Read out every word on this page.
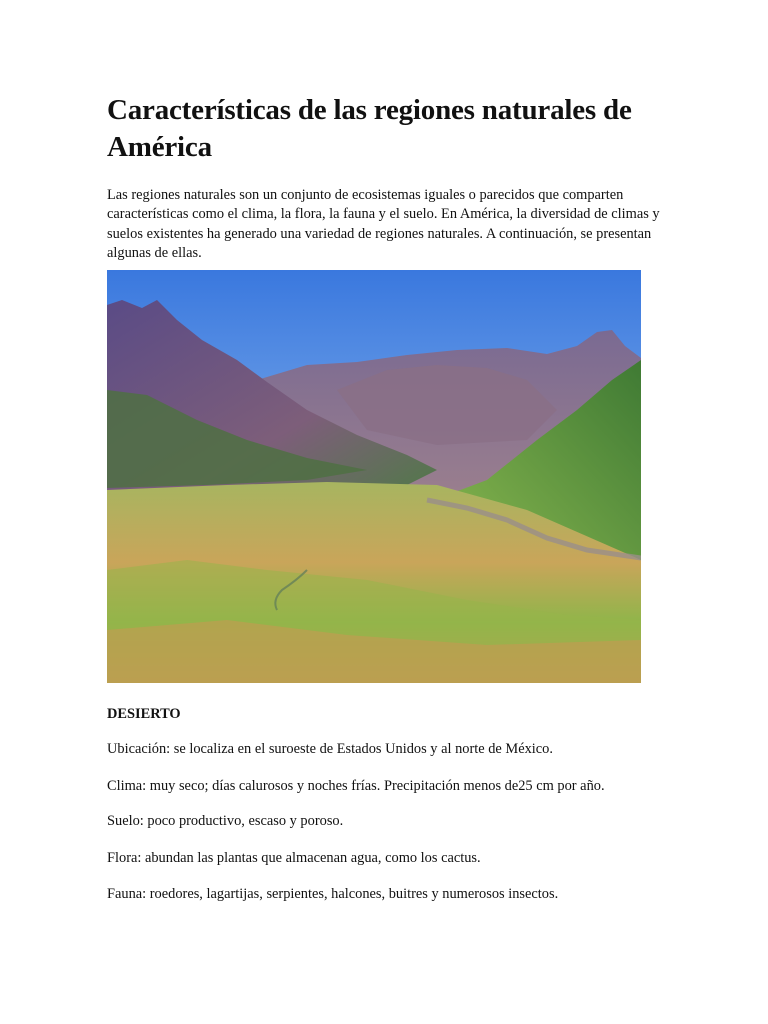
Características de las regiones naturales de América

Las regiones naturales son un conjunto de ecosistemas iguales o parecidos que comparten características como el clima, la flora, la fauna y el suelo. En América, la diversidad de climas y suelos existentes ha generado una variedad de regiones naturales. A continuación, se presentan algunas de ellas.

DESIERTO

Ubicación: se localiza en el suroeste de Estados Unidos y al norte de México.

Clima: muy seco; días calurosos y noches frías. Precipitación menos de25 cm por año.

Suelo: poco productivo, escaso y poroso.

Flora: abundan las plantas que almacenan agua, como los cactus.

Fauna: roedores, lagartijas, serpientes, halcones, buitres y numerosos insectos.
